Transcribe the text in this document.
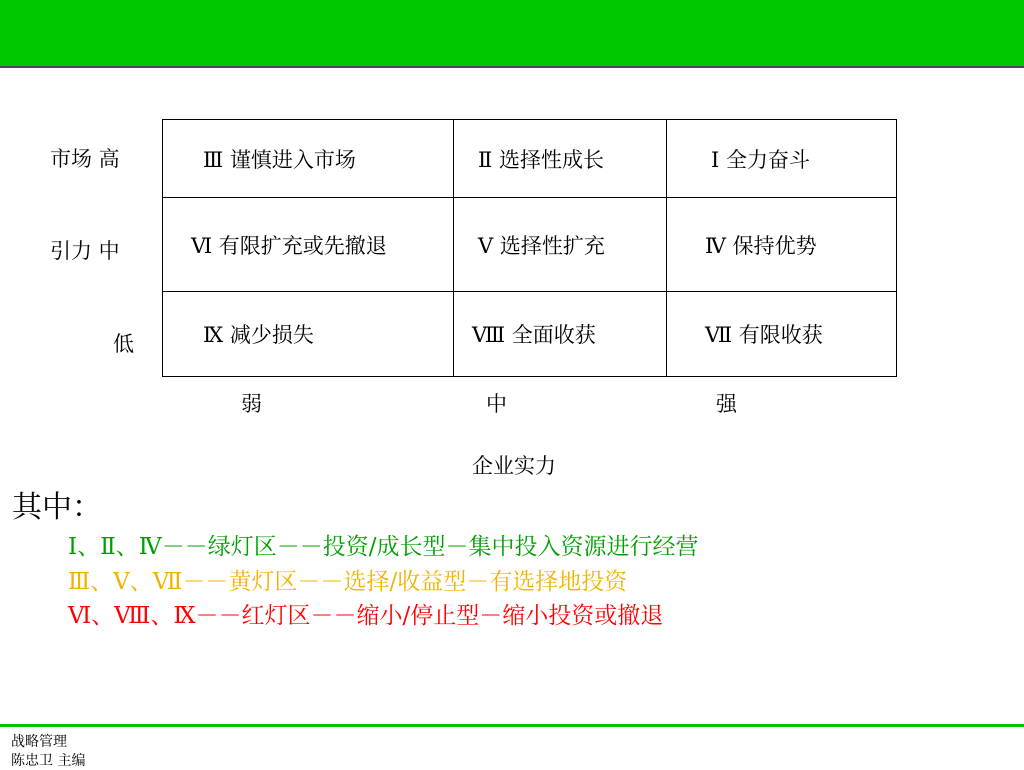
市场 高
引力 中
低
Ⅲ 谨慎进入市场	Ⅱ 选择性成长	Ⅰ 全力奋斗

Ⅵ 有限扩充或先撤退	Ⅴ 选择性扩充	Ⅳ 保持优势

Ⅸ 减少损失	Ⅷ 全面收获	Ⅶ 有限收获
弱	中	强
企业实力
其中：
Ⅰ、Ⅱ、Ⅳ－－绿灯区－－投资/成长型－集中投入资源进行经营
Ⅲ、Ⅴ、Ⅶ－－黄灯区－－选择/收益型－有选择地投资
Ⅵ、Ⅷ、Ⅸ－－红灯区－－缩小/停止型－缩小投资或撤退
战略管理
陈忠卫 主编
